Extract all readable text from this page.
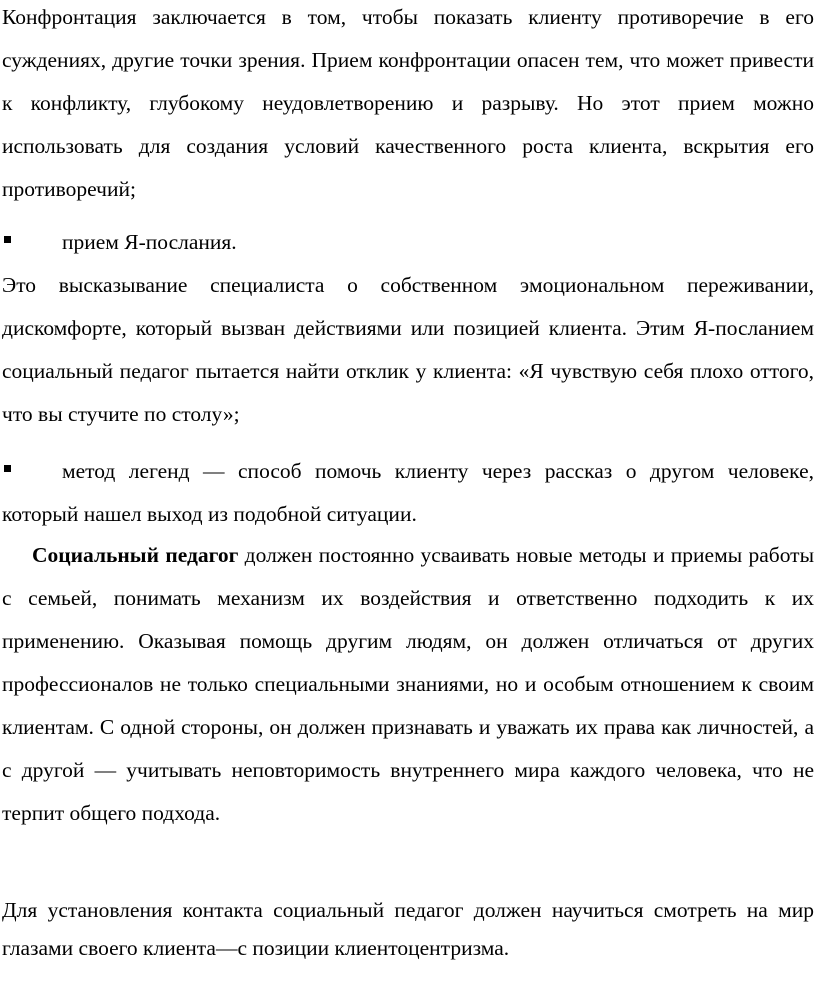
Конфронтация заключается в том, чтобы показать клиенту противоречие в его суждениях, другие точки зрения. Прием конфронтации опасен тем, что может привести к конфликту, глубокому неудовлетворению и разрыву. Но этот прием можно использовать для создания условий качественного роста клиента, вскрытия его противоречий;

прием Я-послания.

Это высказывание специалиста о собственном эмоциональном переживании, дискомфорте, который вызван действиями или позицией клиента. Этим Я-посланием социальный педагог пытается найти отклик у клиента: «Я чувствую себя плохо оттого, что вы стучите по столу»;

метод легенд — способ помочь клиенту через рассказ о другом человеке, который нашел выход из подобной ситуации.

Социальный педагог должен постоянно усваивать новые методы и приемы работы с семьей, понимать механизм их воздействия и ответственно подходить к их применению. Оказывая помощь другим людям, он должен отличаться от других профессионалов не только специальными знаниями, но и особым отношением к своим клиентам. С одной стороны, он должен признавать и уважать их права как личностей, а с другой — учитывать неповторимость внутреннего мира каждого человека, что не терпит общего подхода.

Для установления контакта социальный педагог должен научиться смотреть на мир глазами своего клиента—с позиции клиентоцентризма.
